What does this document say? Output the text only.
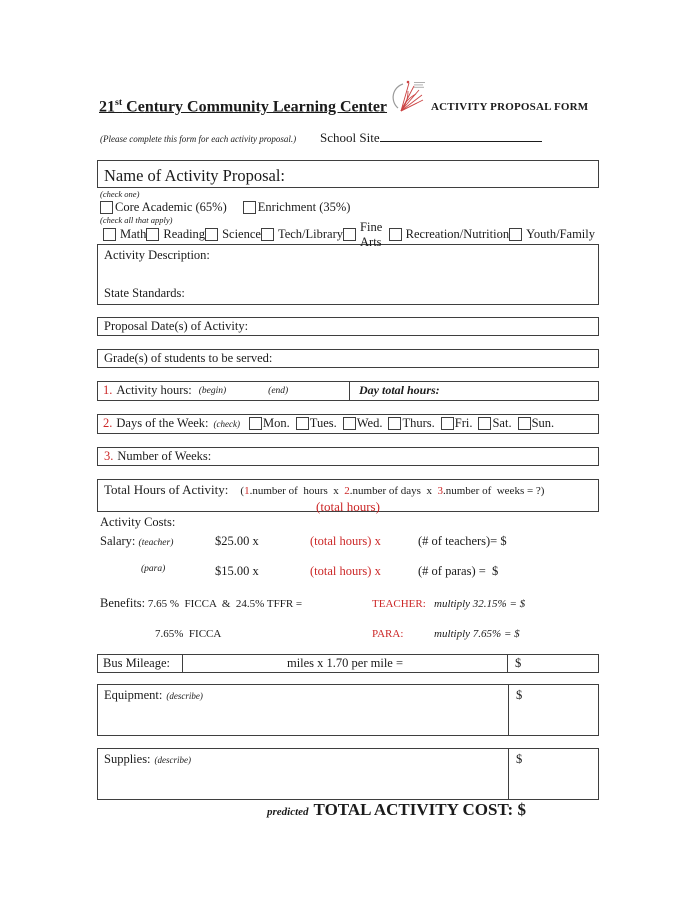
21st Century Community Learning Center	ACTIVITY PROPOSAL FORM
(Please complete this form for each activity proposal.) School Site
Name of Activity Proposal:
(check one)
Core Academic (65%) Enrichment (35%)
(check all that apply)
Math Reading Science Tech/Library
Fine Arts
Recreation/Nutrition Youth/Family
Activity Description:
State Standards:
Proposal Date(s) of Activity:
Grade(s) of students to be served:
1. Activity hours: (begin)	(end)	Day total hours:
2. Days of the Week: (check) Mon. Tues. Wed. Thurs. Fri. Sat. Sun.
3. Number of Weeks:
Total Hours of Activity: (1.number of  hours  x  2.number of days  x  3.number of  weeks = ?)
(total hours)
Activity Costs:
Salary: (teacher)	$25.00 x	(total hours) x	(# of teachers)= $
(para)	$15.00 x	(total hours) x	(# of paras) =  $
Benefits: 7.65 %  FICCA  &  24.5% TFFR =	TEACHER: multiply 32.15% = $
7.65%  FICCA	PARA:	multiply 7.65% = $
Bus Mileage:	miles x 1.70 per mile =	$
Equipment: (describe)	$
Supplies: (describe)	$
predicted TOTAL ACTIVITY COST: $
